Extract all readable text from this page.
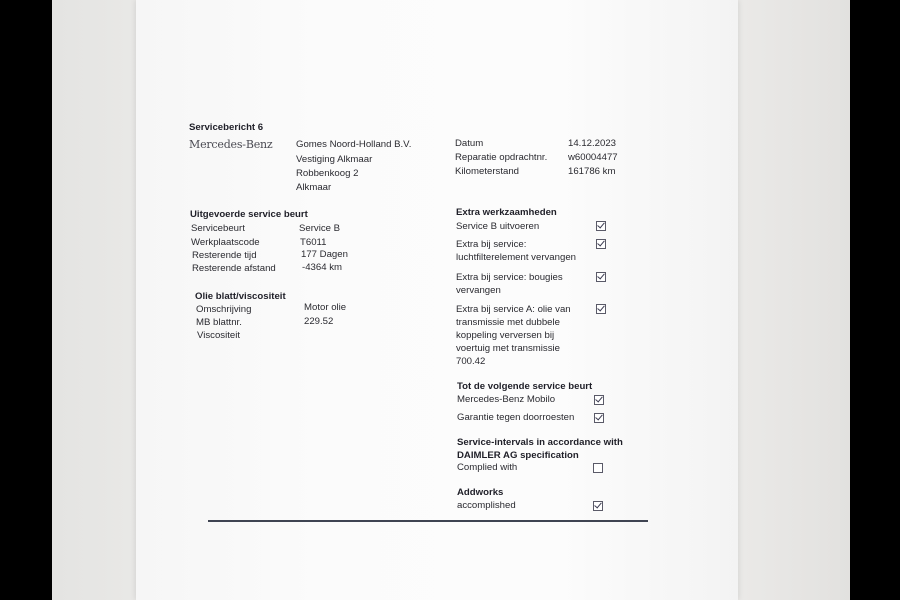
Servicebericht 6
Mercedes-Benz Gomes Noord-Holland B.V.
Vestiging Alkmaar
Robbenkoog 2
Alkmaar
Datum	14.12.2023
Reparatie opdrachtnr. w60004477
Kilometerstand	161786 km
Uitgevoerde service beurt
Servicebeurt	Service B
Werkplaatscode	T6011
Resterende tijd	177 Dagen
Resterende afstand	-4364 km
Olie blatt/viscositeit
Omschrijving	Motor olie
MB blattnr.	229.52
Viscositeit
Extra werkzaamheden
Service B uitvoeren
Extra bij service:
luchtfilterelement vervangen
Extra bij service: bougies
vervangen
Extra bij service A: olie van
transmissie met dubbele
koppeling verversen bij
voertuig met transmissie
700.42
Tot de volgende service beurt
Mercedes-Benz Mobilo
Garantie tegen doorroesten
Service-intervals in accordance with
DAIMLER AG specification
Complied with
Addworks
accomplished
